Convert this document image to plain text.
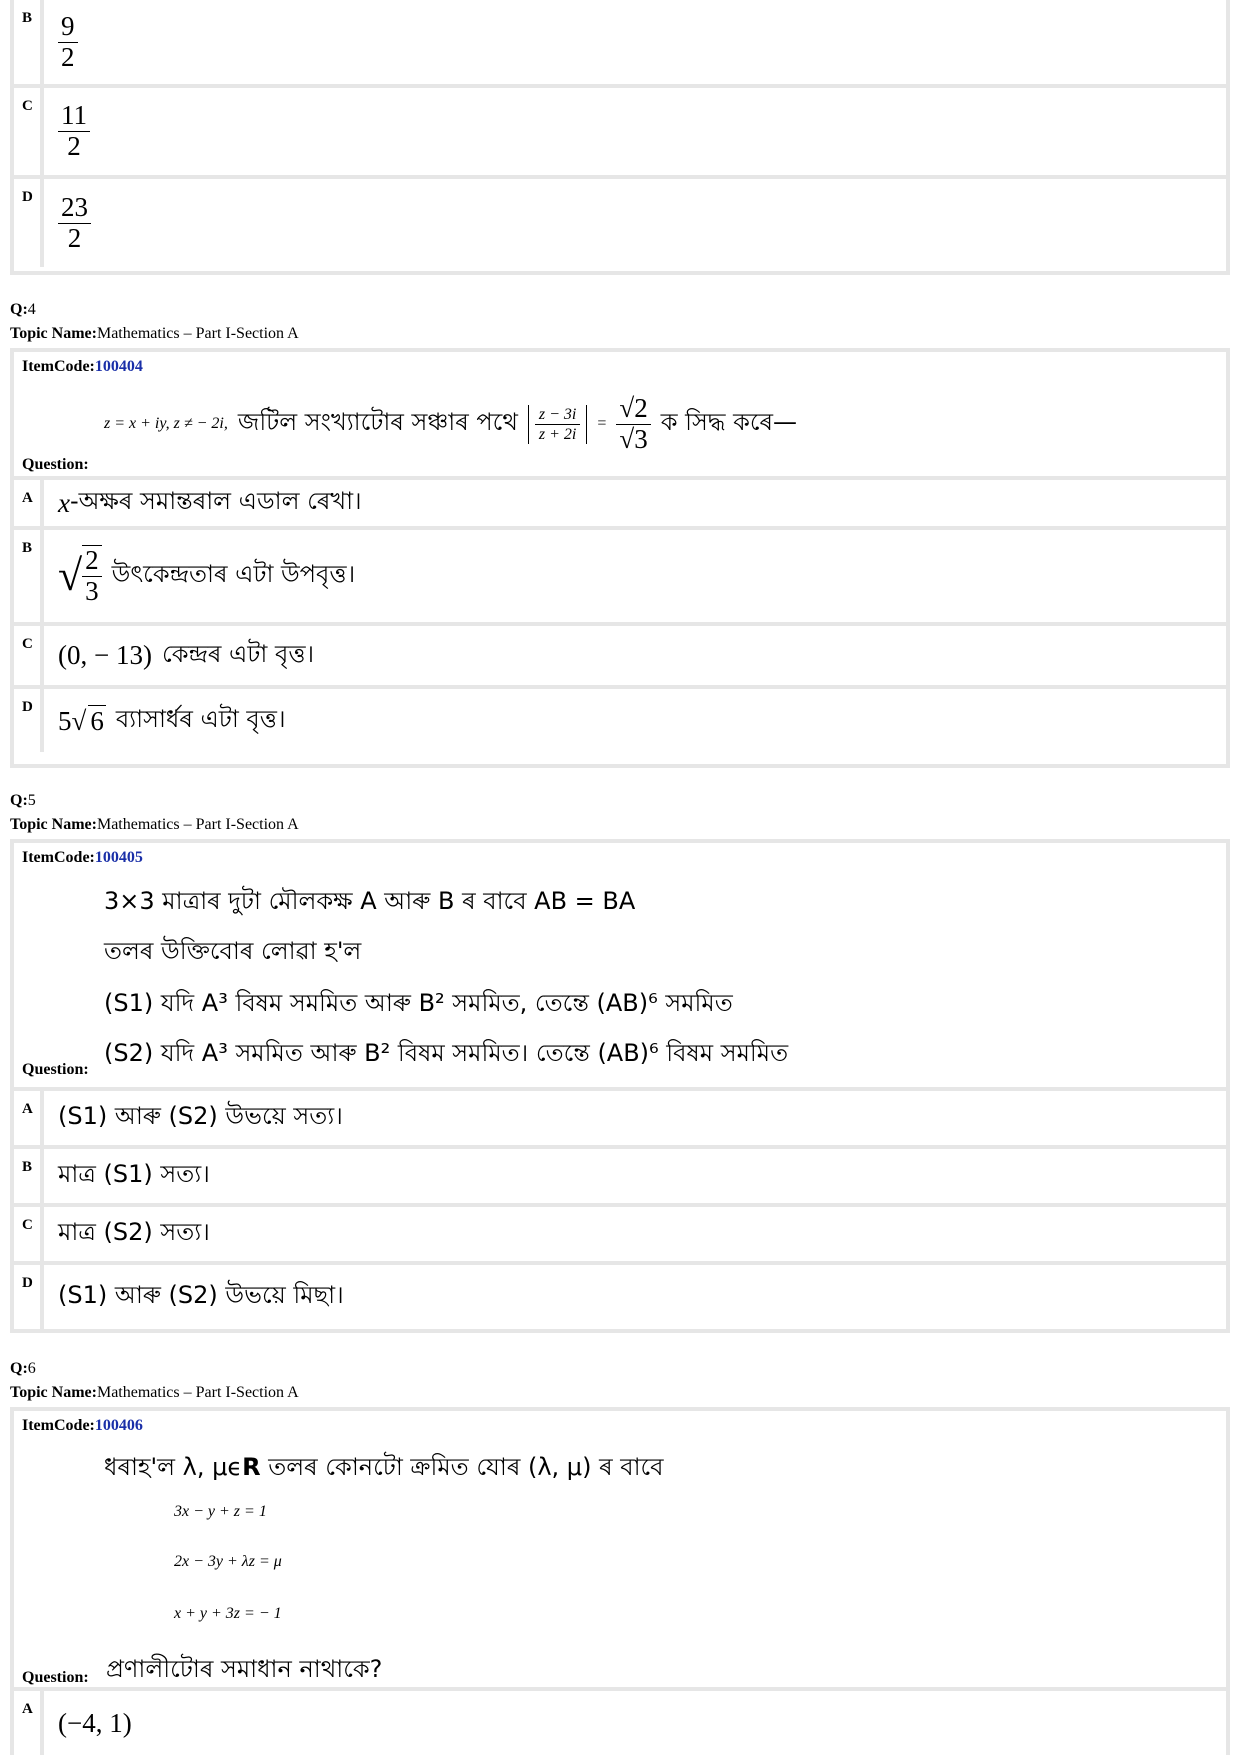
B $\frac{9}{2}$
C $\frac{11}{2}$
D $\frac{23}{2}$
Q:4
Topic Name:Mathematics – Part I-Section A
ItemCode:100404
z = x + iy, z ≠ − 2i, জটিল সংখ্যাটোৰ সঞ্চাৰ পথে $\frac{z - 3i}{z + 2i} = \frac{√2}{√3}$ ক সিদ্ধ কৰে—
Question:
A x -অক্ষৰ সমান্তৰাল এডাল ৰেখা।
B
√ $\frac{2}{3}$ উৎকেন্দ্রতাৰ এটা উপবৃত্ত।
C (0, − 13) কেন্দ্ৰৰ এটা বৃত্ত।
D 5√ 6 ব্যাসাৰ্ধৰ এটা বৃত্ত।
Q:5
Topic Name:Mathematics – Part I-Section A
ItemCode:100405
3×3 মাত্ৰাৰ দুটা মৌলকক্ষ A আৰু B ৰ বাবে AB = BA
তলৰ উক্তিবোৰ লোৱা হ'ল
(S1) যদি A³ বিষম সমমিত আৰু B² সমমিত, তেন্তে (AB)⁶ সমমিত
(S2) যদি A³ সমমিত আৰু B² বিষম সমমিত। তেন্তে (AB)⁶ বিষম সমমিত
Question:
A	(S1) আৰু (S2) উভয়ে সত্য।
B	মাত্র (S1) সত্য।
C	মাত্র (S2) সত্য।
D	(S1) আৰু (S2) উভয়ে মিছা।
Q:6
Topic Name:Mathematics – Part I-Section A
ItemCode:100406
ধৰাহ'ল λ, μϵR তলৰ কোনটো ক্ৰমিত যোৰ (λ, μ) ৰ বাবে
3x − y + z = 1
2x − 3y + λz = μ
x + y + 3z = − 1
Question: প্ৰণালীটোৰ সমাধান নাথাকে?
A (−4, 1)
